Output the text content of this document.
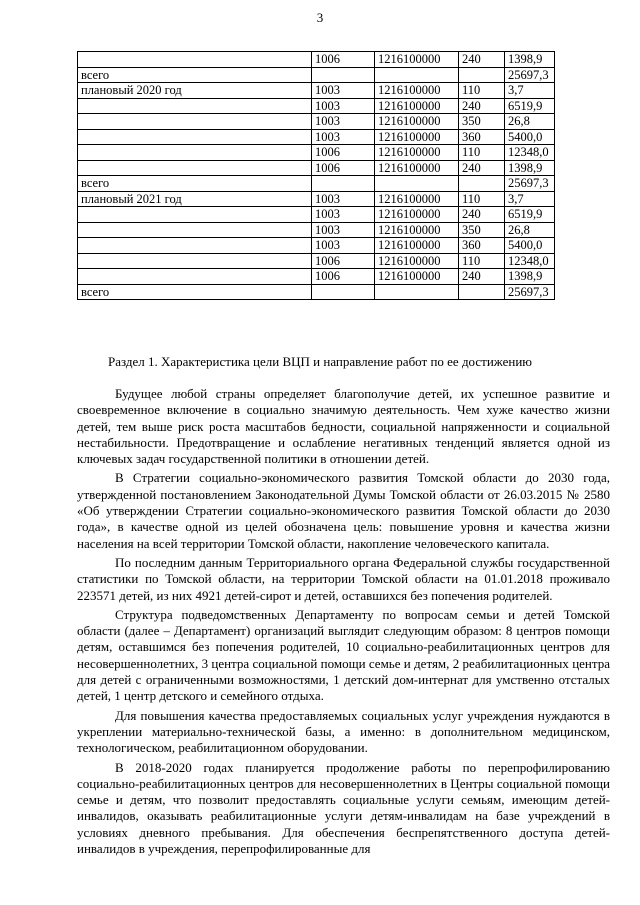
3
	1006	1216100000	240	1398,9
всего				25697,3
плановый 2020 год	1003	1216100000	110	3,7
	1003	1216100000	240	6519,9
	1003	1216100000	350	26,8
	1003	1216100000	360	5400,0
	1006	1216100000	110	12348,0
	1006	1216100000	240	1398,9
всего				25697,3
плановый 2021 год	1003	1216100000	110	3,7
	1003	1216100000	240	6519,9
	1003	1216100000	350	26,8
	1003	1216100000	360	5400,0
	1006	1216100000	110	12348,0
	1006	1216100000	240	1398,9
всего				25697,3
Раздел 1. Характеристика цели ВЦП и направление работ по ее достижению

Будущее любой страны определяет благополучие детей, их успешное развитие и своевременное включение в социально значимую деятельность. Чем хуже качество жизни детей, тем выше риск роста масштабов бедности, социальной напряженности и социальной нестабильности. Предотвращение и ослабление негативных тенденций является одной из ключевых задач государственной политики в отношении детей.

В Стратегии социально-экономического развития Томской области до 2030 года, утвержденной постановлением Законодательной Думы Томской области от 26.03.2015 № 2580 «Об утверждении Стратегии социально-экономического развития Томской области до 2030 года», в качестве одной из целей обозначена цель: повышение уровня и качества жизни населения на всей территории Томской области, накопление человеческого капитала.

По последним данным Территориального органа Федеральной службы государственной статистики по Томской области, на территории Томской области на 01.01.2018 проживало 223571 детей, из них 4921 детей-сирот и детей, оставшихся без попечения родителей.

Структура подведомственных Департаменту по вопросам семьи и детей Томской области (далее – Департамент) организаций выглядит следующим образом: 8 центров помощи детям, оставшимся без попечения родителей, 10 социально-реабилитационных центров для несовершеннолетних, 3 центра социальной помощи семье и детям, 2 реабилитационных центра для детей с ограниченными возможностями, 1 детский дом-интернат для умственно отсталых детей, 1 центр детского и семейного отдыха.

Для повышения качества предоставляемых социальных услуг учреждения нуждаются в укреплении материально-технической базы, а именно: в дополнительном медицинском, технологическом, реабилитационном оборудовании.

В 2018-2020 годах планируется продолжение работы по перепрофилированию социально-реабилитационных центров для несовершеннолетних в Центры социальной помощи семье и детям, что позволит предоставлять социальные услуги семьям, имеющим детей-инвалидов, оказывать реабилитационные услуги детям-инвалидам на базе учреждений в условиях дневного пребывания. Для обеспечения беспрепятственного доступа детей-инвалидов в учреждения, перепрофилированные для
